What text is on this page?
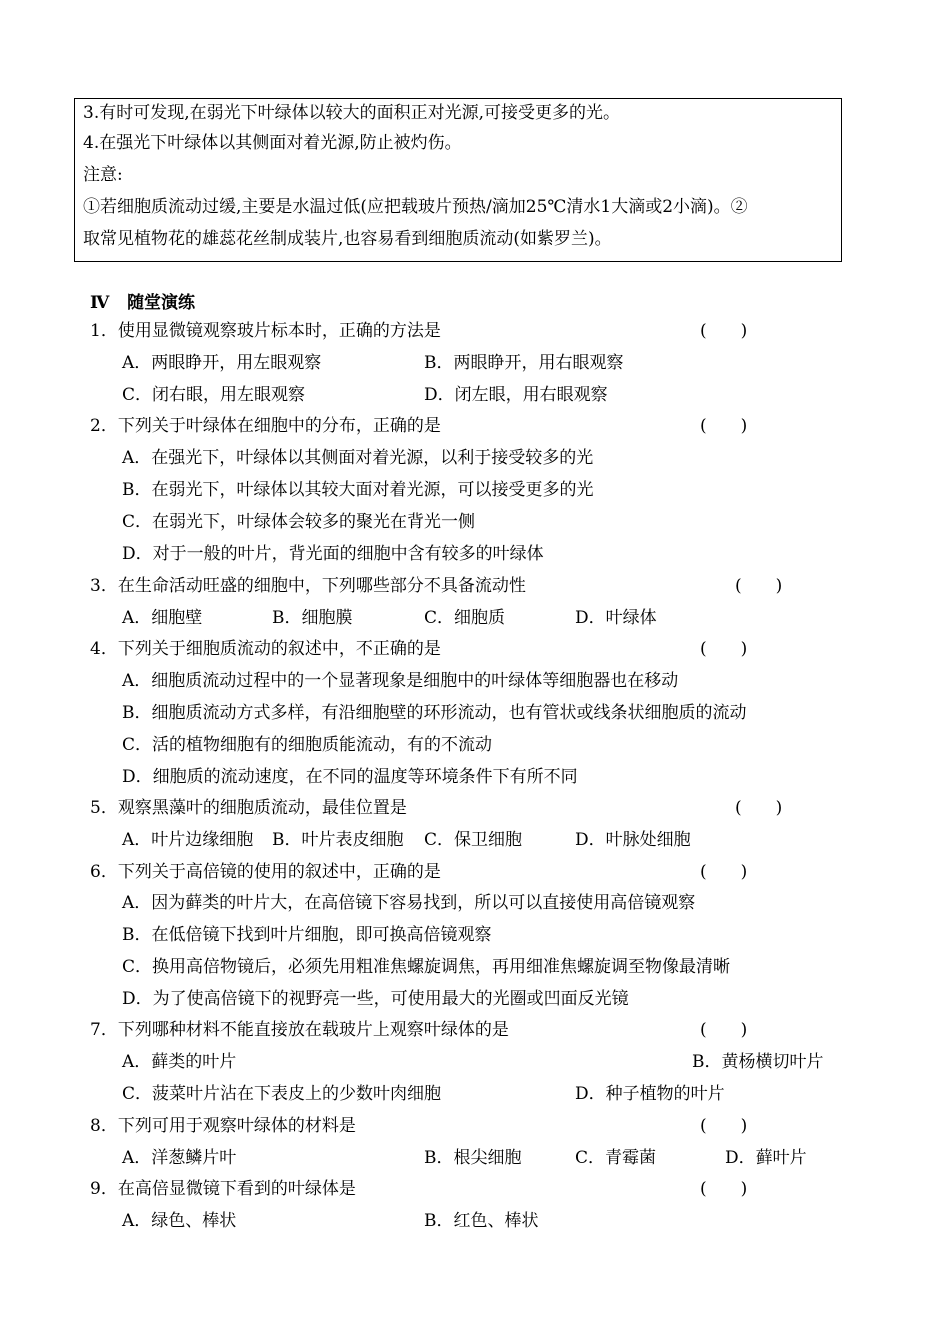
3.有时可发现,在弱光下叶绿体以较大的面积正对光源,可接受更多的光。
4.在强光下叶绿体以其侧面对着光源,防止被灼伤。
注意:
①若细胞质流动过缓,主要是水温过低(应把载玻片预热/滴加25℃清水1大滴或2小滴)。②
取常见植物花的雄蕊花丝制成装片,也容易看到细胞质流动(如紫罗兰)。
Ⅳ 随堂演练
1．使用显微镜观察玻片标本时，正确的方法是	(　　)
A．两眼睁开，用左眼观察	B．两眼睁开，用右眼观察
C．闭右眼，用左眼观察	D．闭左眼，用右眼观察
2．下列关于叶绿体在细胞中的分布，正确的是	(　　)
A．在强光下，叶绿体以其侧面对着光源，以利于接受较多的光
B．在弱光下，叶绿体以其较大面对着光源，可以接受更多的光
C．在弱光下，叶绿体会较多的聚光在背光一侧
D．对于一般的叶片，背光面的细胞中含有较多的叶绿体
3．在生命活动旺盛的细胞中，下列哪些部分不具备流动性	(　　)
A．细胞壁	B．细胞膜	C．细胞质	D．叶绿体
4．下列关于细胞质流动的叙述中，不正确的是	(　　)
A．细胞质流动过程中的一个显著现象是细胞中的叶绿体等细胞器也在移动
B．细胞质流动方式多样，有沿细胞壁的环形流动，也有管状或线条状细胞质的流动
C．活的植物细胞有的细胞质能流动，有的不流动
D．细胞质的流动速度，在不同的温度等环境条件下有所不同
5．观察黑藻叶的细胞质流动，最佳位置是	(　　)
A．叶片边缘细胞 B．叶片表皮细胞 C．保卫细胞	D．叶脉处细胞
6．下列关于高倍镜的使用的叙述中，正确的是	(　　)
A．因为藓类的叶片大，在高倍镜下容易找到，所以可以直接使用高倍镜观察
B．在低倍镜下找到叶片细胞，即可换高倍镜观察
C．换用高倍物镜后，必须先用粗准焦螺旋调焦，再用细准焦螺旋调至物像最清晰
D．为了使高倍镜下的视野亮一些，可使用最大的光圈或凹面反光镜
7．下列哪种材料不能直接放在载玻片上观察叶绿体的是	(　　)
A．藓类的叶片	B．黄杨横切叶片
C．菠菜叶片沾在下表皮上的少数叶肉细胞	D．种子植物的叶片
8．下列可用于观察叶绿体的材料是	(　　)
A．洋葱鳞片叶	B．根尖细胞	C．青霉菌	D．藓叶片
9．在高倍显微镜下看到的叶绿体是	(　　)
A．绿色、棒状	B．红色、棒状
